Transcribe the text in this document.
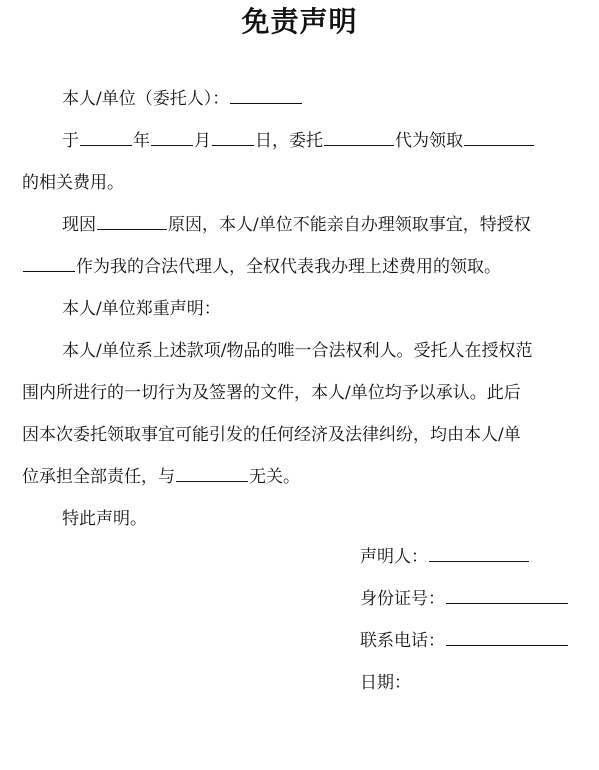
免责声明
本人/单位（委托人）：
于	年	月	日，委托	代为领取
的相关费用。
现因	原因，本人/单位不能亲自办理领取事宜，特授权
作为我的合法代理人，全权代表我办理上述费用的领取。
本人/单位郑重声明：
本人/单位系上述款项/物品的唯一合法权利人。受托人在授权范
围内所进行的一切行为及签署的文件，本人/单位均予以承认。此后
因本次委托领取事宜可能引发的任何经济及法律纠纷，均由本人/单
位承担全部责任，与	无关。
特此声明。
声明人：
身份证号：
联系电话：
日期：
